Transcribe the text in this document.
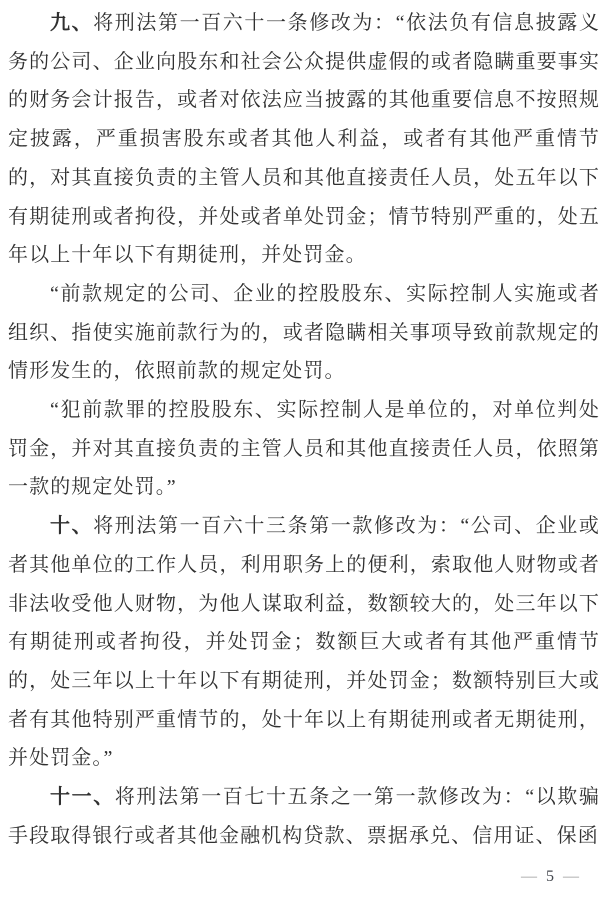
九、将刑法第一百六十一条修改为：“依法负有信息披露义务的公司、企业向股东和社会公众提供虚假的或者隐瞒重要事实的财务会计报告，或者对依法应当披露的其他重要信息不按照规定披露，严重损害股东或者其他人利益，或者有其他严重情节的，对其直接负责的主管人员和其他直接责任人员，处五年以下有期徒刑或者拘役，并处或者单处罚金；情节特别严重的，处五年以上十年以下有期徒刑，并处罚金。

“前款规定的公司、企业的控股股东、实际控制人实施或者组织、指使实施前款行为的，或者隐瞒相关事项导致前款规定的情形发生的，依照前款的规定处罚。

“犯前款罪的控股股东、实际控制人是单位的，对单位判处罚金，并对其直接负责的主管人员和其他直接责任人员，依照第一款的规定处罚。”

十、将刑法第一百六十三条第一款修改为：“公司、企业或者其他单位的工作人员，利用职务上的便利，索取他人财物或者非法收受他人财物，为他人谋取利益，数额较大的，处三年以下有期徒刑或者拘役，并处罚金；数额巨大或者有其他严重情节的，处三年以上十年以下有期徒刑，并处罚金；数额特别巨大或者有其他特别严重情节的，处十年以上有期徒刑或者无期徒刑，并处罚金。”

十一、将刑法第一百七十五条之一第一款修改为：“以欺骗手段取得银行或者其他金融机构贷款、票据承兑、信用证、保函

— 5 —
